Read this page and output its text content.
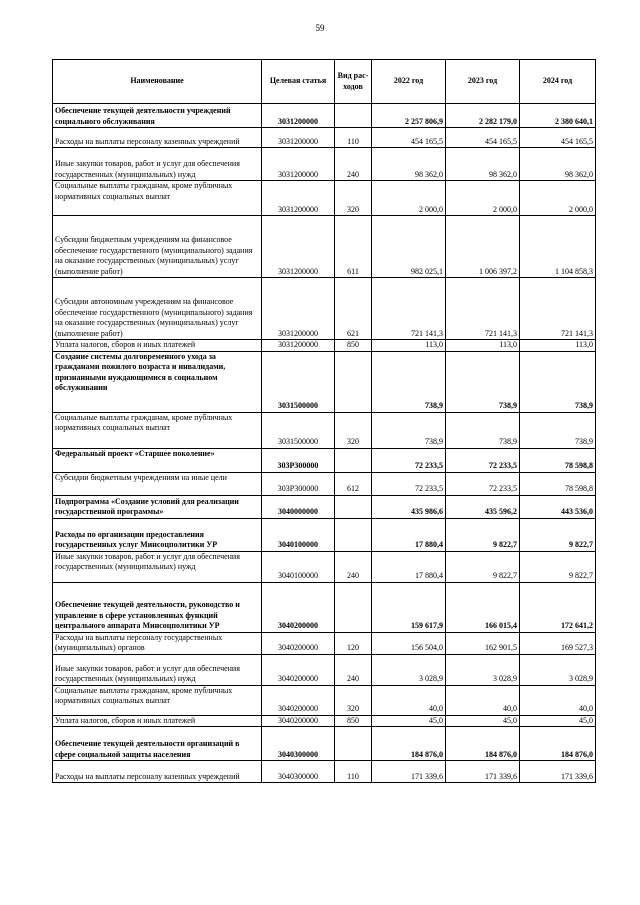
59
Наименование	Целевая статья	Вид рас-ходов	2022 год	2023 год	2024 год
Обеспечение текущей деятельности учреждений социального обслуживания	3031200000		2 257 806,9	2 282 179,0	2 380 640,1
Расходы на выплаты персоналу казенных учреждений	3031200000	110	454 165,5	454 165,5	454 165,5
Иные закупки товаров, работ и услуг для обеспечения государственных (муниципальных) нужд	3031200000	240	98 362,0	98 362,0	98 362,0
Социальные выплаты гражданам, кроме публичных нормативных социальных выплат	3031200000	320	2 000,0	2 000,0	2 000,0
Субсидии бюджетным учреждениям на финансовое обеспечение государственного (муниципального) задания на оказание государственных (муниципальных) услуг (выполнение работ)	3031200000	611	982 025,1	1 006 397,2	1 104 858,3
Субсидии автономным учреждениям на финансовое обеспечение государственного (муниципального) задания на оказание государственных (муниципальных) услуг (выполнение работ)	3031200000	621	721 141,3	721 141,3	721 141,3
Уплата налогов, сборов и иных платежей	3031200000	850	113,0	113,0	113,0
Создание системы долговременного ухода за гражданами пожилого возраста и инвалидами, признанными нуждающимися в социальном обслуживании	3031500000		738,9	738,9	738,9
Социальные выплаты гражданам, кроме публичных нормативных социальных выплат	3031500000	320	738,9	738,9	738,9
Федеральный проект «Старшее поколение»	303P300000		72 233,5	72 233,5	78 598,8
Субсидии бюджетным учреждениям на иные цели	303P300000	612	72 233,5	72 233,5	78 598,8
Подпрограмма «Создание условий для реализации государственной программы»	3040000000		435 986,6	435 596,2	443 536,0
Расходы по организации предоставления государственных услуг Минсоцполитики УР	3040100000		17 880,4	9 822,7	9 822,7
Иные закупки товаров, работ и услуг для обеспечения государственных (муниципальных) нужд	3040100000	240	17 880,4	9 822,7	9 822,7
Обеспечение текущей деятельности, руководство и управление в сфере установленных функций центрального аппарата Минсоцполитики УР	3040200000		159 617,9	166 015,4	172 641,2
Расходы на выплаты персоналу государственных (муниципальных) органов	3040200000	120	156 504,0	162 901,5	169 527,3
Иные закупки товаров, работ и услуг для обеспечения государственных (муниципальных) нужд	3040200000	240	3 028,9	3 028,9	3 028,9
Социальные выплаты гражданам, кроме публичных нормативных социальных выплат	3040200000	320	40,0	40,0	40,0
Уплата налогов, сборов и иных платежей	3040200000	850	45,0	45,0	45,0
Обеспечение текущей деятельности организаций в сфере социальной защиты населения	3040300000		184 876,0	184 876,0	184 876,0
Расходы на выплаты персоналу казенных учреждений	3040300000	110	171 339,6	171 339,6	171 339,6
